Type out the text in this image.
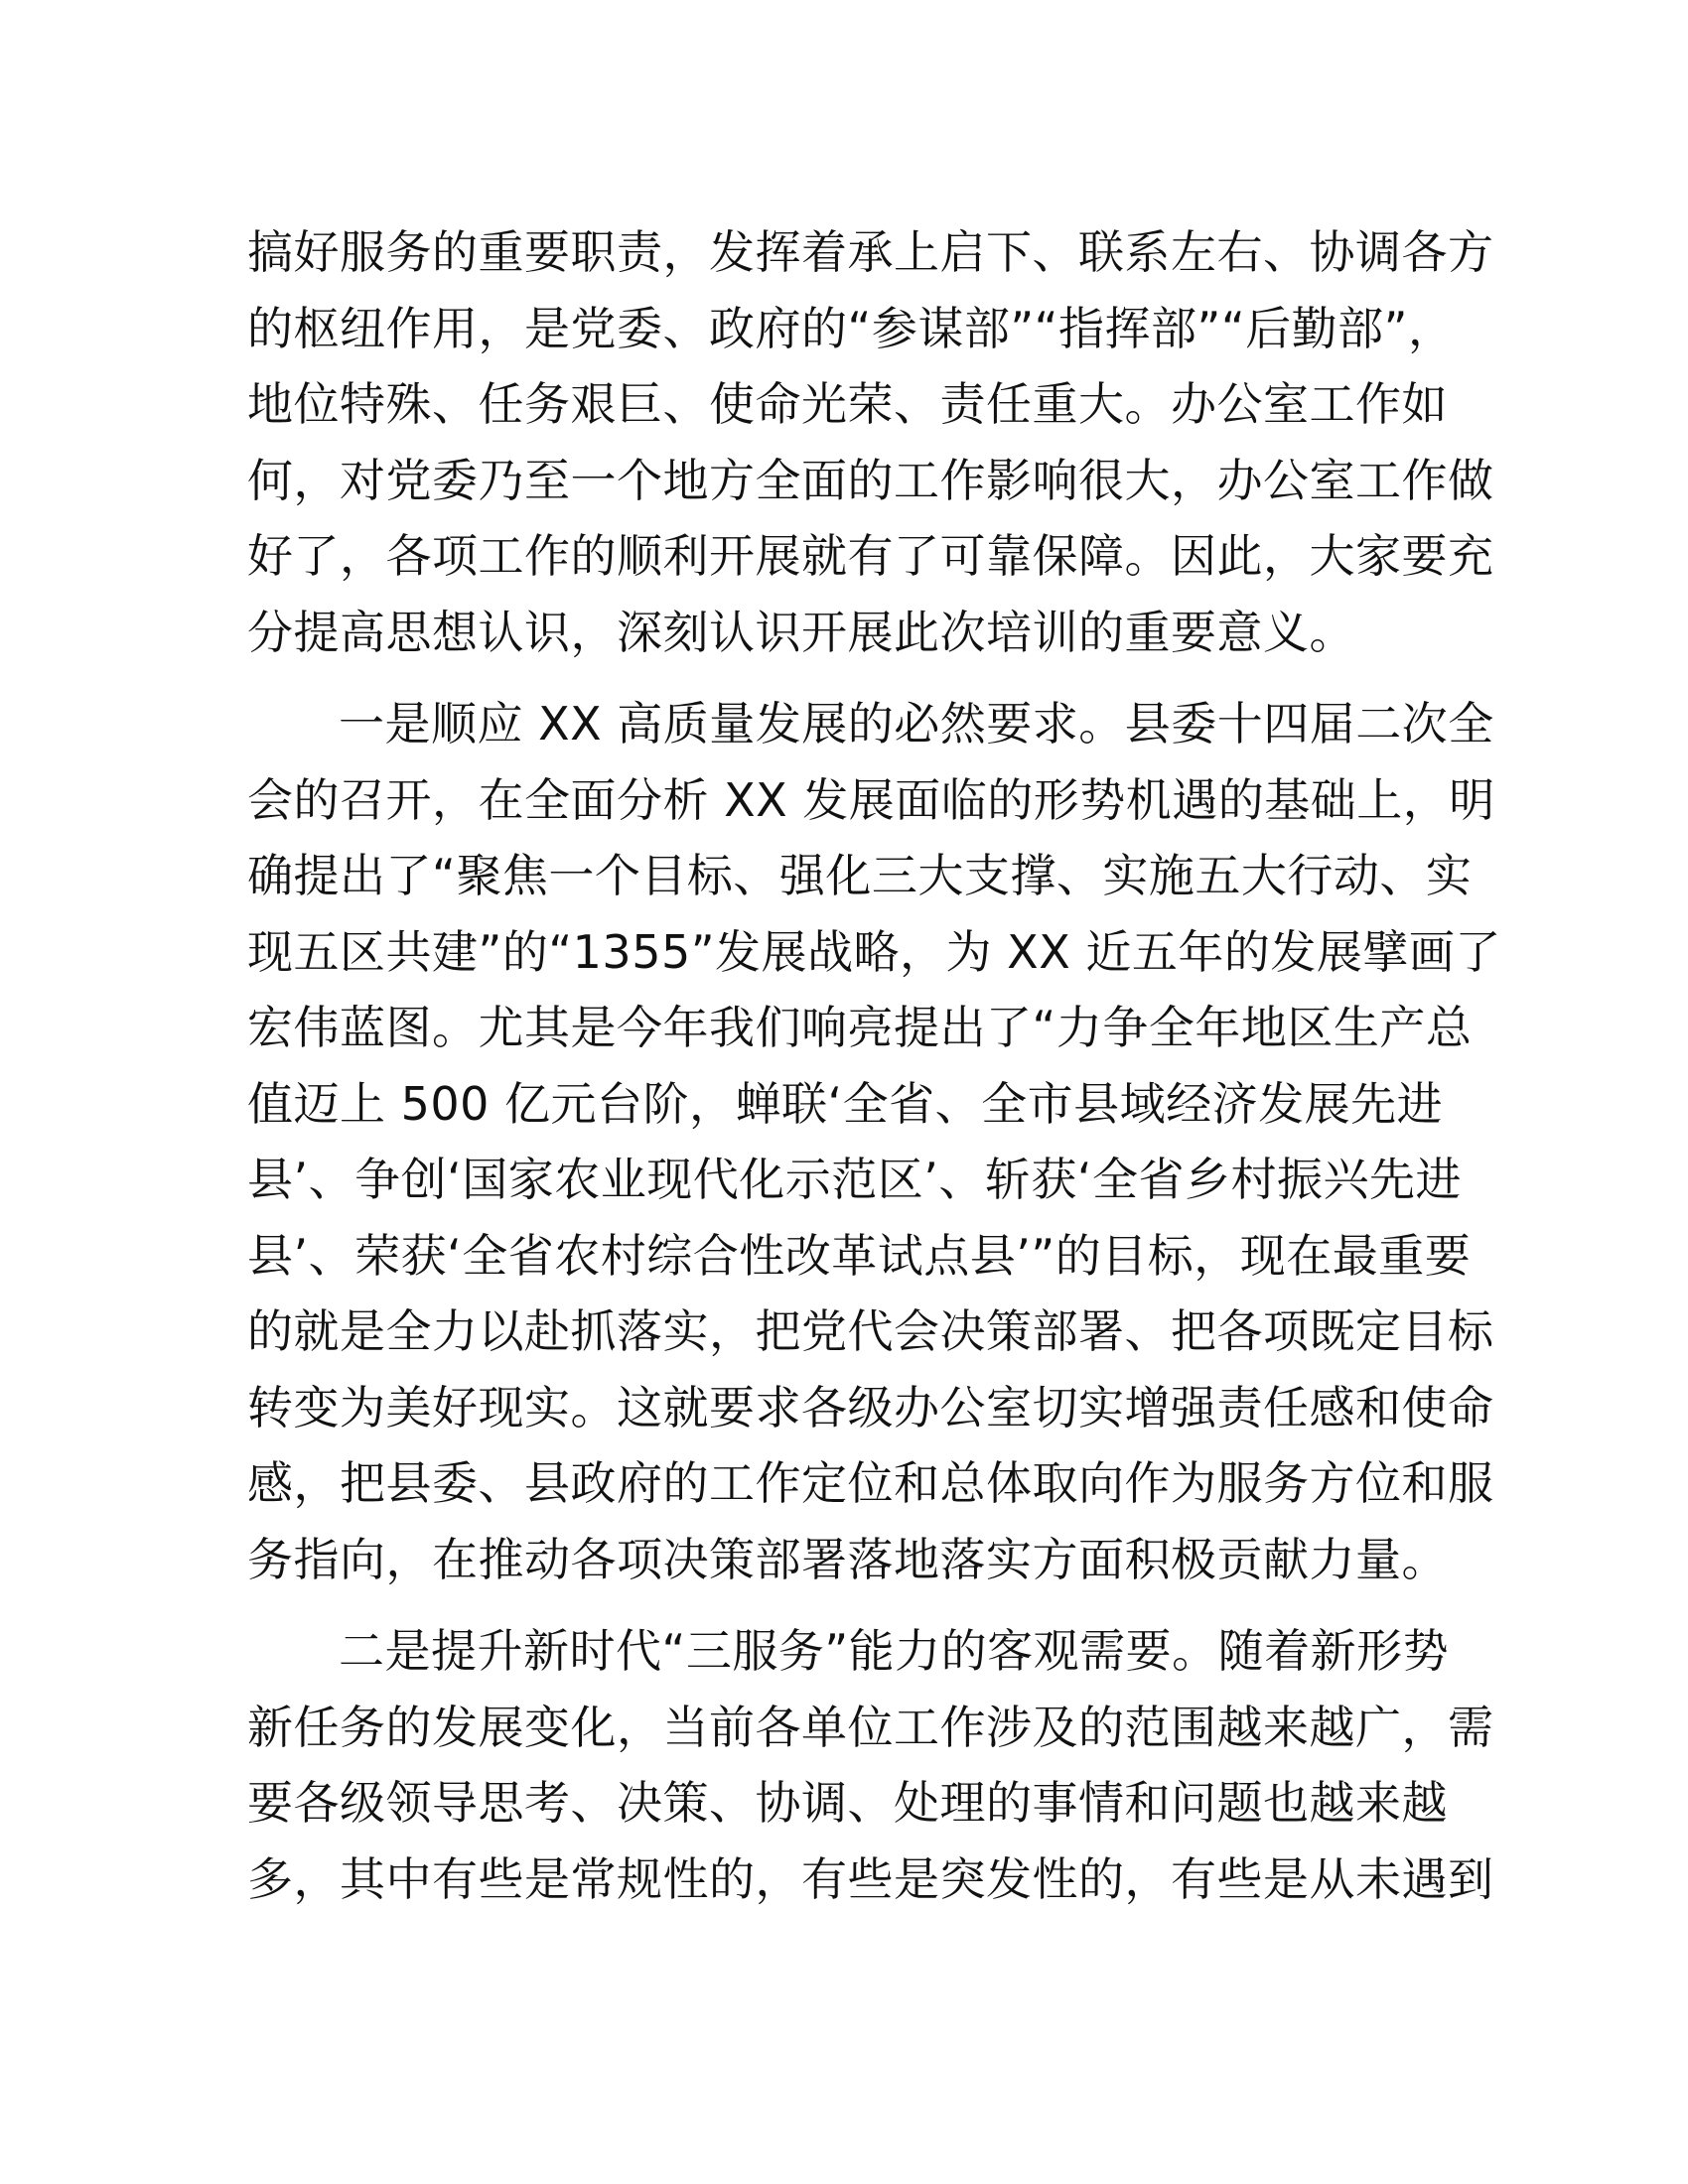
搞好服务的重要职责，发挥着承上启下、联系左右、协调各方
的枢纽作用，是党委、政府的“参谋部”“指挥部”“后勤部”，
地位特殊、任务艰巨、使命光荣、责任重大。办公室工作如
何，对党委乃至一个地方全面的工作影响很大，办公室工作做
好了，各项工作的顺利开展就有了可靠保障。因此，大家要充
分提高思想认识，深刻认识开展此次培训的重要意义。
一是顺应 XX 高质量发展的必然要求。县委十四届二次全
会的召开，在全面分析 XX 发展面临的形势机遇的基础上，明
确提出了“聚焦一个目标、强化三大支撑、实施五大行动、实
现五区共建”的“1355”发展战略，为 XX 近五年的发展擘画了
宏伟蓝图。尤其是今年我们响亮提出了“力争全年地区生产总
值迈上 500 亿元台阶，蝉联‘全省、全市县域经济发展先进
县’、争创‘国家农业现代化示范区’、斩获‘全省乡村振兴先进
县’、荣获‘全省农村综合性改革试点县’”的目标，现在最重要
的就是全力以赴抓落实，把党代会决策部署、把各项既定目标
转变为美好现实。这就要求各级办公室切实增强责任感和使命
感，把县委、县政府的工作定位和总体取向作为服务方位和服
务指向，在推动各项决策部署落地落实方面积极贡献力量。
二是提升新时代“三服务”能力的客观需要。随着新形势
新任务的发展变化，当前各单位工作涉及的范围越来越广，需
要各级领导思考、决策、协调、处理的事情和问题也越来越
多，其中有些是常规性的，有些是突发性的，有些是从未遇到
